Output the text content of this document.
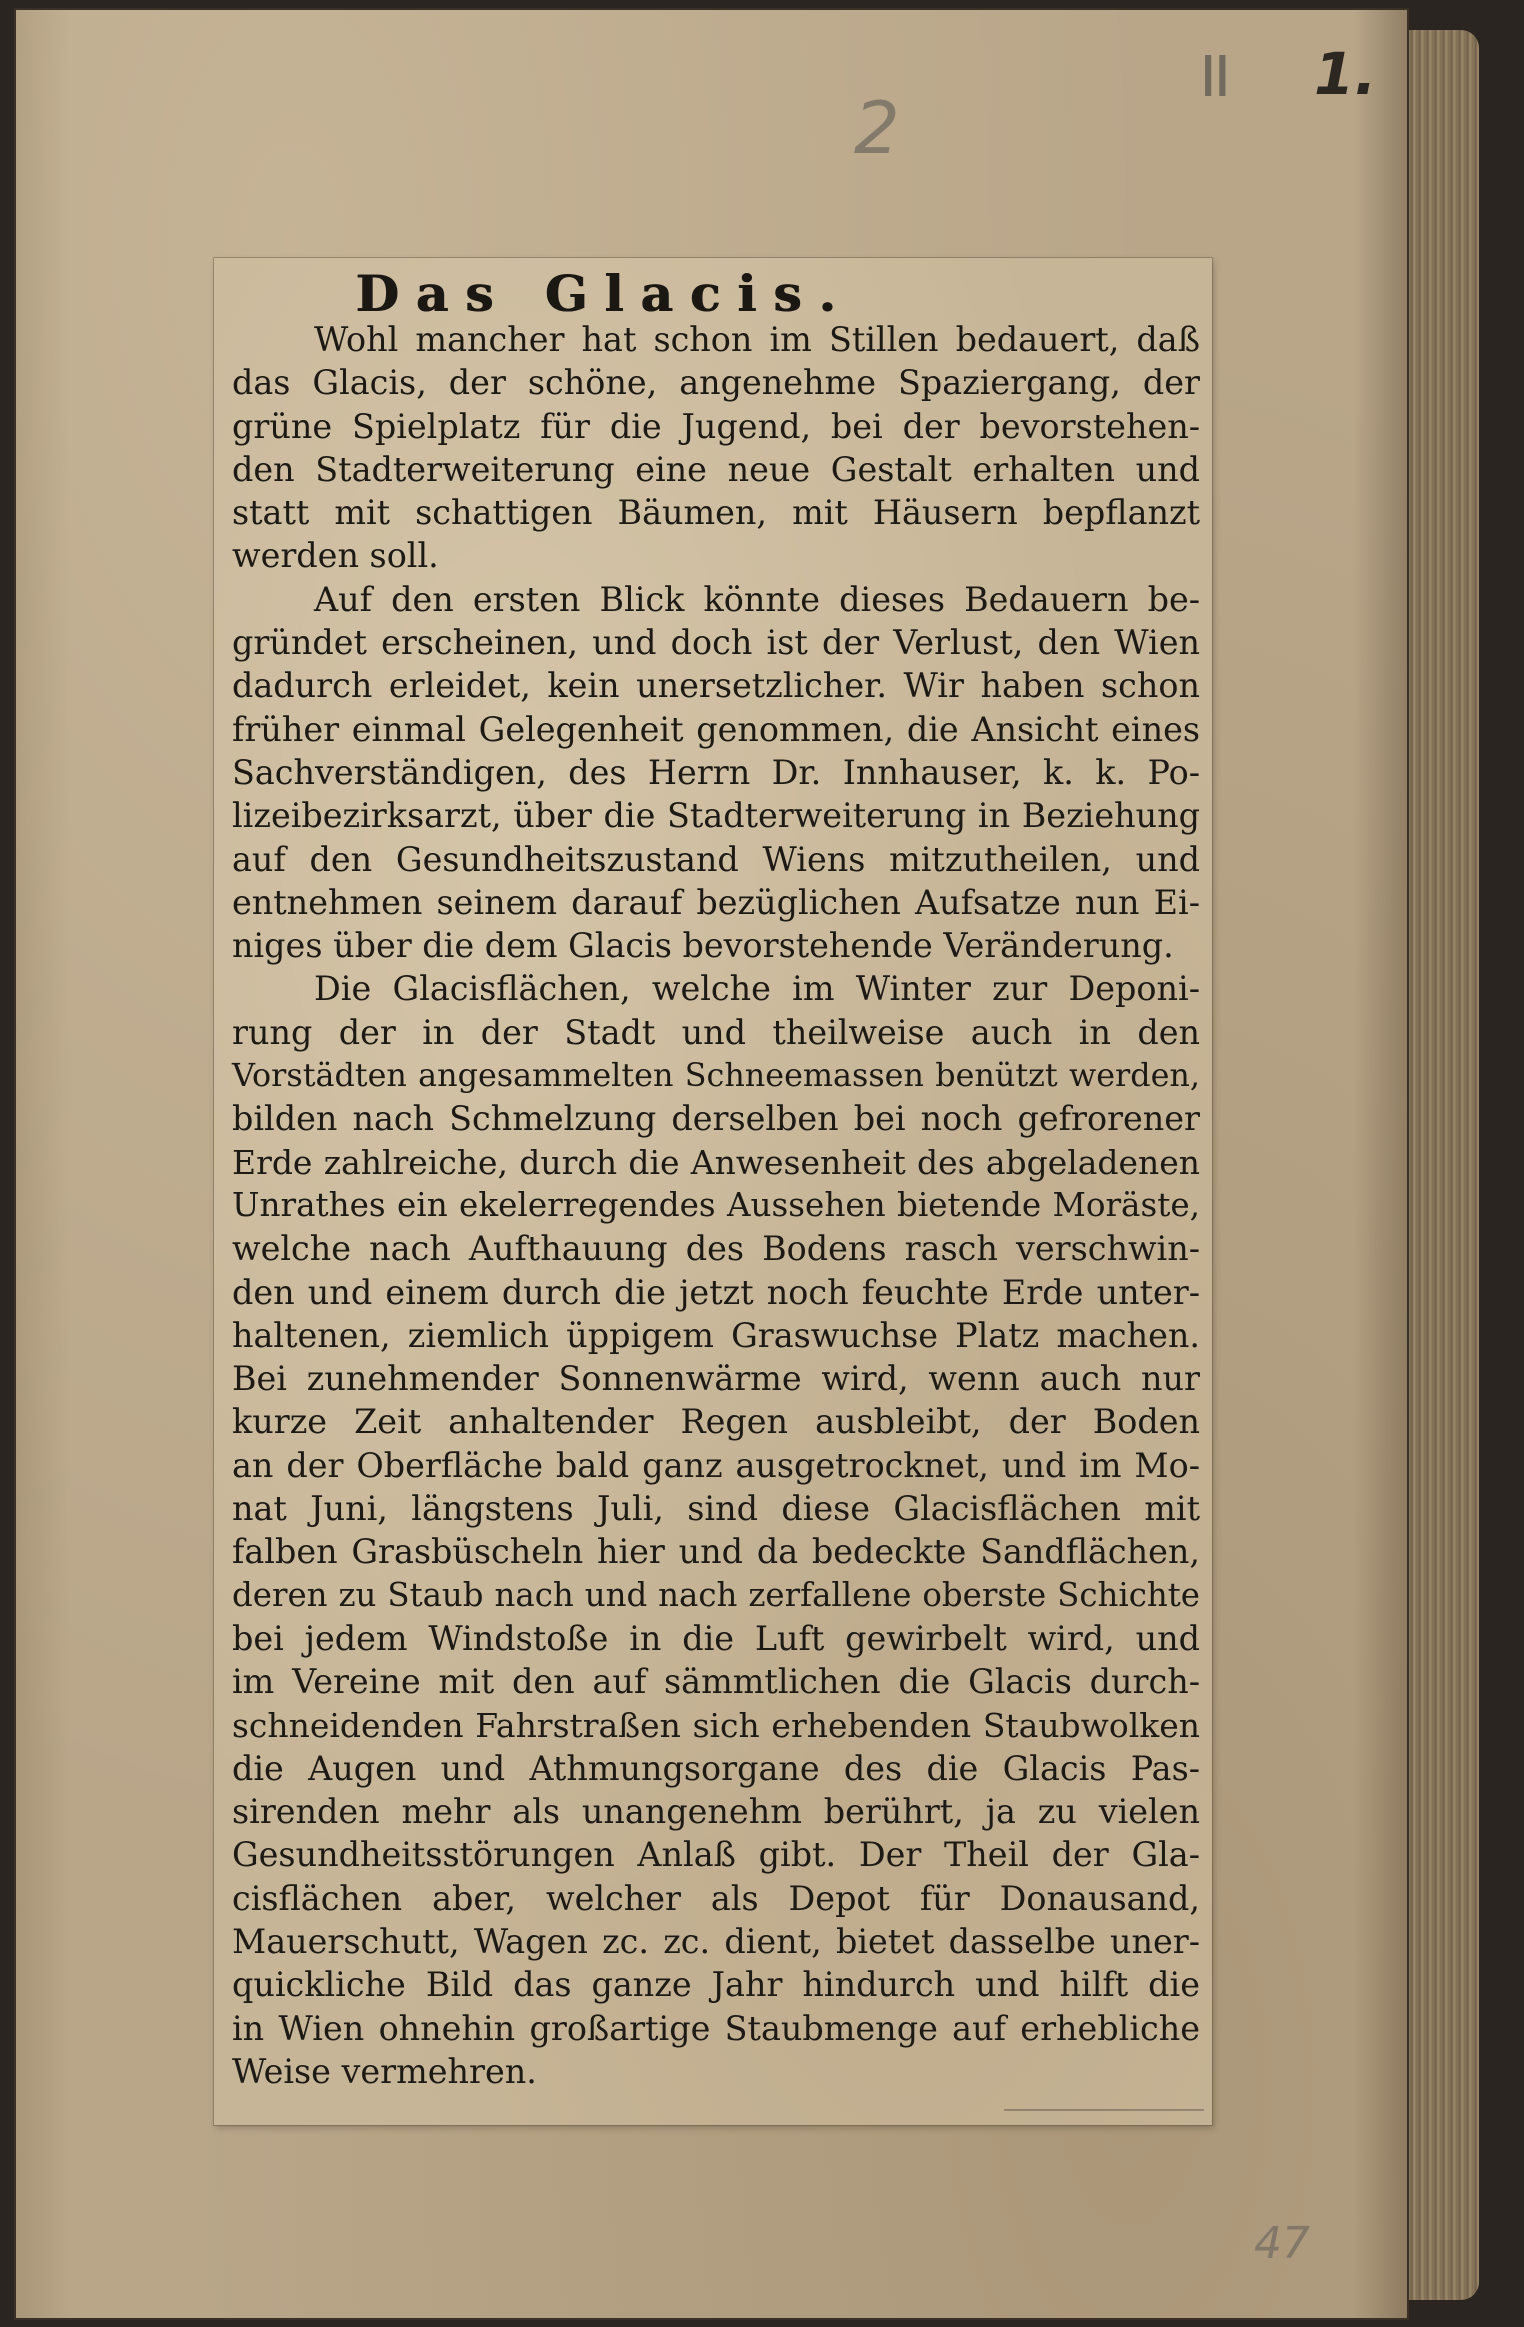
2
II 1.
47
Das Glacis.
Wohl mancher hat schon im Stillen bedauert, daß
das Glacis, der schöne, angenehme Spaziergang, der
grüne Spielplatz für die Jugend, bei der bevorstehen-
den Stadterweiterung eine neue Gestalt erhalten und
statt mit schattigen Bäumen, mit Häusern bepflanzt
werden soll.
Auf den ersten Blick könnte dieses Bedauern be-
gründet erscheinen, und doch ist der Verlust, den Wien
dadurch erleidet, kein unersetzlicher. Wir haben schon
früher einmal Gelegenheit genommen, die Ansicht eines
Sachverständigen, des Herrn Dr. Innhauser, k. k. Po-
lizeibezirksarzt, über die Stadterweiterung in Beziehung
auf den Gesundheitszustand Wiens mitzutheilen, und
entnehmen seinem darauf bezüglichen Aufsatze nun Ei-
niges über die dem Glacis bevorstehende Veränderung.
Die Glacisflächen, welche im Winter zur Deponi-
rung der in der Stadt und theilweise auch in den
Vorstädten angesammelten Schneemassen benützt werden,
bilden nach Schmelzung derselben bei noch gefrorener
Erde zahlreiche, durch die Anwesenheit des abgeladenen
Unrathes ein ekelerregendes Aussehen bietende Moräste,
welche nach Aufthauung des Bodens rasch verschwin-
den und einem durch die jetzt noch feuchte Erde unter-
haltenen, ziemlich üppigem Graswuchse Platz machen.
Bei zunehmender Sonnenwärme wird, wenn auch nur
kurze Zeit anhaltender Regen ausbleibt, der Boden
an der Oberfläche bald ganz ausgetrocknet, und im Mo-
nat Juni, längstens Juli, sind diese Glacisflächen mit
falben Grasbüscheln hier und da bedeckte Sandflächen,
deren zu Staub nach und nach zerfallene oberste Schichte
bei jedem Windstoße in die Luft gewirbelt wird, und
im Vereine mit den auf sämmtlichen die Glacis durch-
schneidenden Fahrstraßen sich erhebenden Staubwolken
die Augen und Athmungsorgane des die Glacis Pas-
sirenden mehr als unangenehm berührt, ja zu vielen
Gesundheitsstörungen Anlaß gibt. Der Theil der Gla-
cisflächen aber, welcher als Depot für Donausand,
Mauerschutt, Wagen zc. zc. dient, bietet dasselbe uner-
quickliche Bild das ganze Jahr hindurch und hilft die
in Wien ohnehin großartige Staubmenge auf erhebliche
Weise vermehren.
